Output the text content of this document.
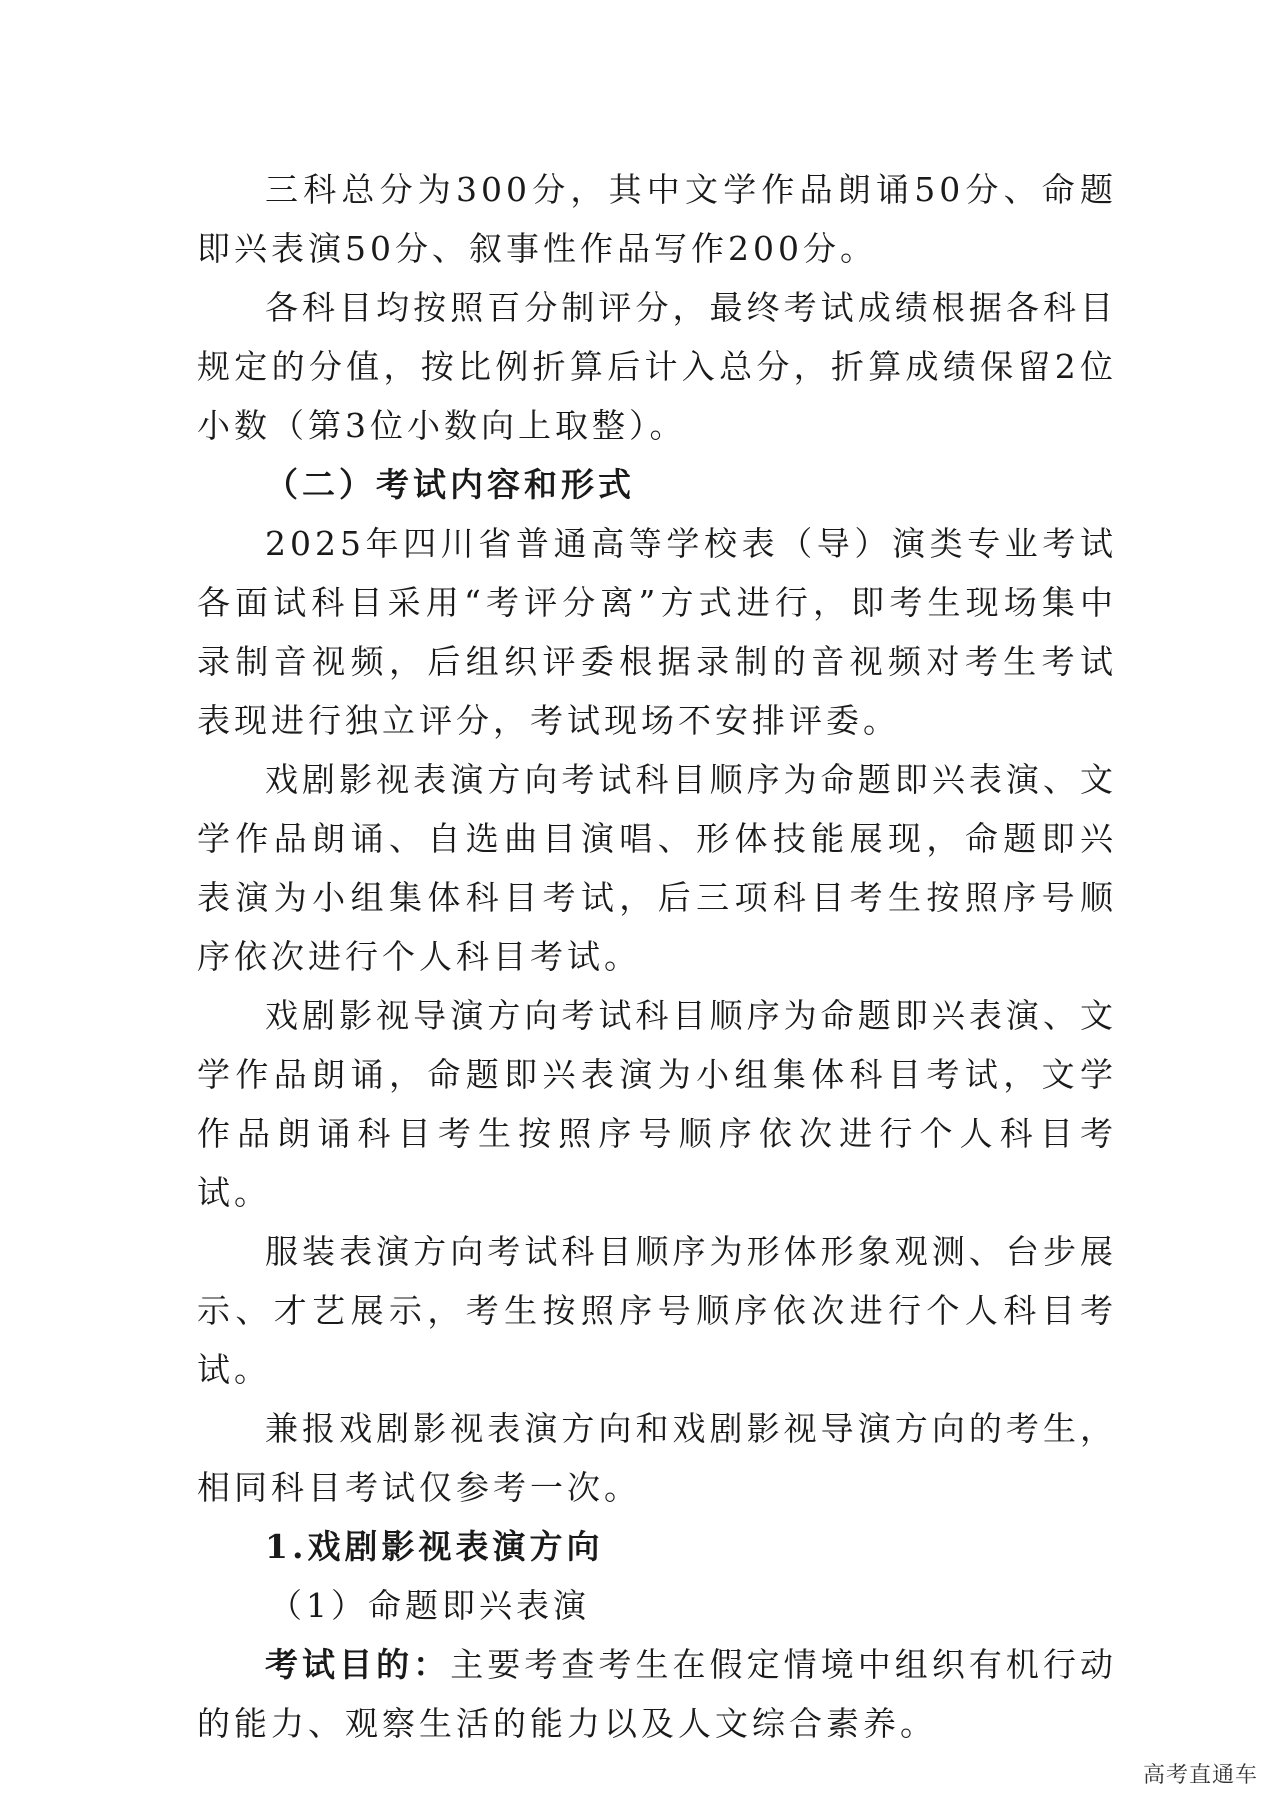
三科总分为300分，其中文学作品朗诵50分、命题即兴表演50分、叙事性作品写作200分。

各科目均按照百分制评分，最终考试成绩根据各科目规定的分值，按比例折算后计入总分，折算成绩保留2位小数（第3位小数向上取整）。

（二）考试内容和形式

2025年四川省普通高等学校表（导）演类专业考试各面试科目采用“考评分离”方式进行，即考生现场集中录制音视频，后组织评委根据录制的音视频对考生考试表现进行独立评分，考试现场不安排评委。

戏剧影视表演方向考试科目顺序为命题即兴表演、文学作品朗诵、自选曲目演唱、形体技能展现，命题即兴表演为小组集体科目考试，后三项科目考生按照序号顺序依次进行个人科目考试。

戏剧影视导演方向考试科目顺序为命题即兴表演、文学作品朗诵，命题即兴表演为小组集体科目考试，文学作品朗诵科目考生按照序号顺序依次进行个人科目考试。

服装表演方向考试科目顺序为形体形象观测、台步展示、才艺展示，考生按照序号顺序依次进行个人科目考试。

兼报戏剧影视表演方向和戏剧影视导演方向的考生，相同科目考试仅参考一次。

1.戏剧影视表演方向

（1）命题即兴表演

考试目的：主要考查考生在假定情境中组织有机行动的能力、观察生活的能力以及人文综合素养。

高考直通车
